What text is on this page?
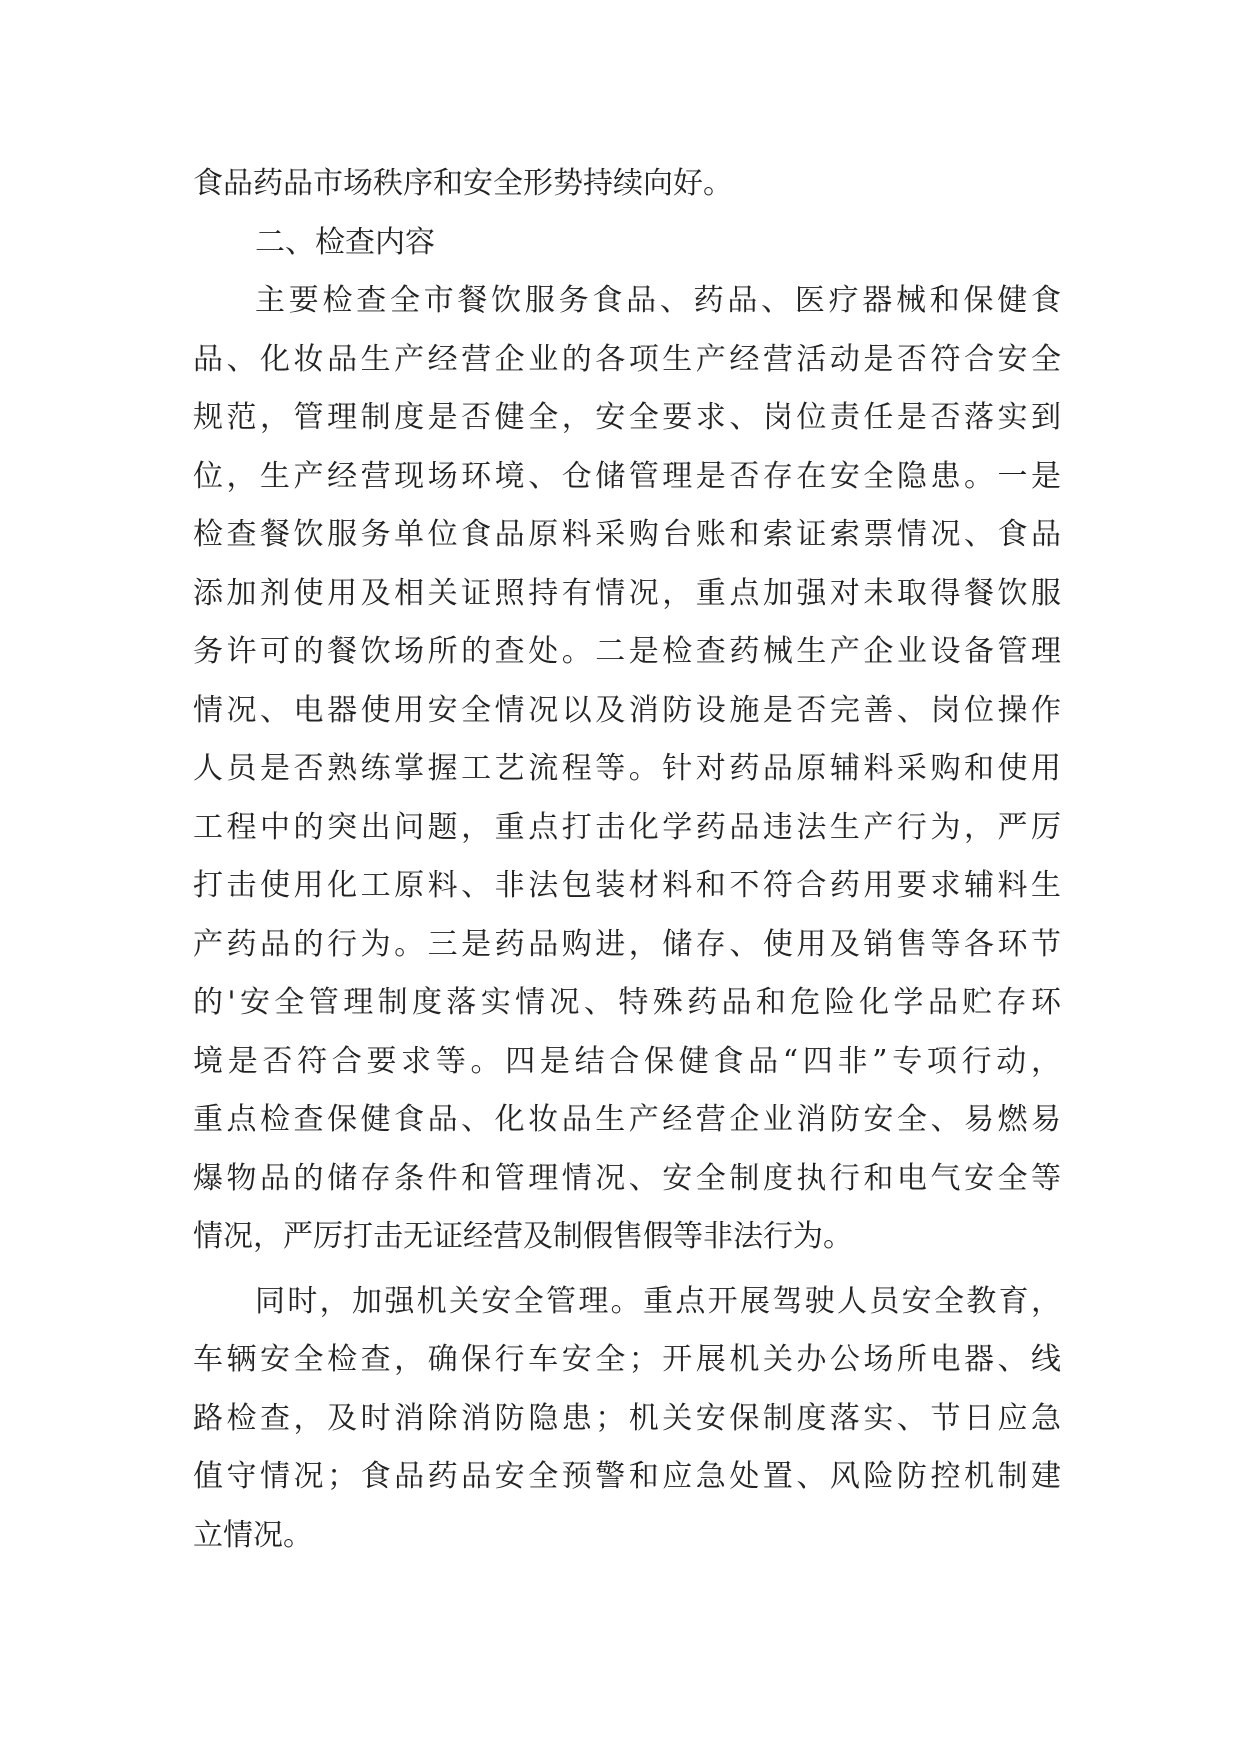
食品药品市场秩序和安全形势持续向好。
二、检查内容
主要检查全市餐饮服务食品、药品、医疗器械和保健食
品、化妆品生产经营企业的各项生产经营活动是否符合安全
规范，管理制度是否健全，安全要求、岗位责任是否落实到
位，生产经营现场环境、仓储管理是否存在安全隐患。一是
检查餐饮服务单位食品原料采购台账和索证索票情况、食品
添加剂使用及相关证照持有情况，重点加强对未取得餐饮服
务许可的餐饮场所的查处。二是检查药械生产企业设备管理
情况、电器使用安全情况以及消防设施是否完善、岗位操作
人员是否熟练掌握工艺流程等。针对药品原辅料采购和使用
工程中的突出问题，重点打击化学药品违法生产行为，严厉
打击使用化工原料、非法包装材料和不符合药用要求辅料生
产药品的行为。三是药品购进，储存、使用及销售等各环节
的'安全管理制度落实情况、特殊药品和危险化学品贮存环
境是否符合要求等。四是结合保健食品“四非”专项行动，
重点检查保健食品、化妆品生产经营企业消防安全、易燃易
爆物品的储存条件和管理情况、安全制度执行和电气安全等
情况，严厉打击无证经营及制假售假等非法行为。
同时，加强机关安全管理。重点开展驾驶人员安全教育，
车辆安全检查，确保行车安全；开展机关办公场所电器、线
路检查，及时消除消防隐患；机关安保制度落实、节日应急
值守情况；食品药品安全预警和应急处置、风险防控机制建
立情况。
